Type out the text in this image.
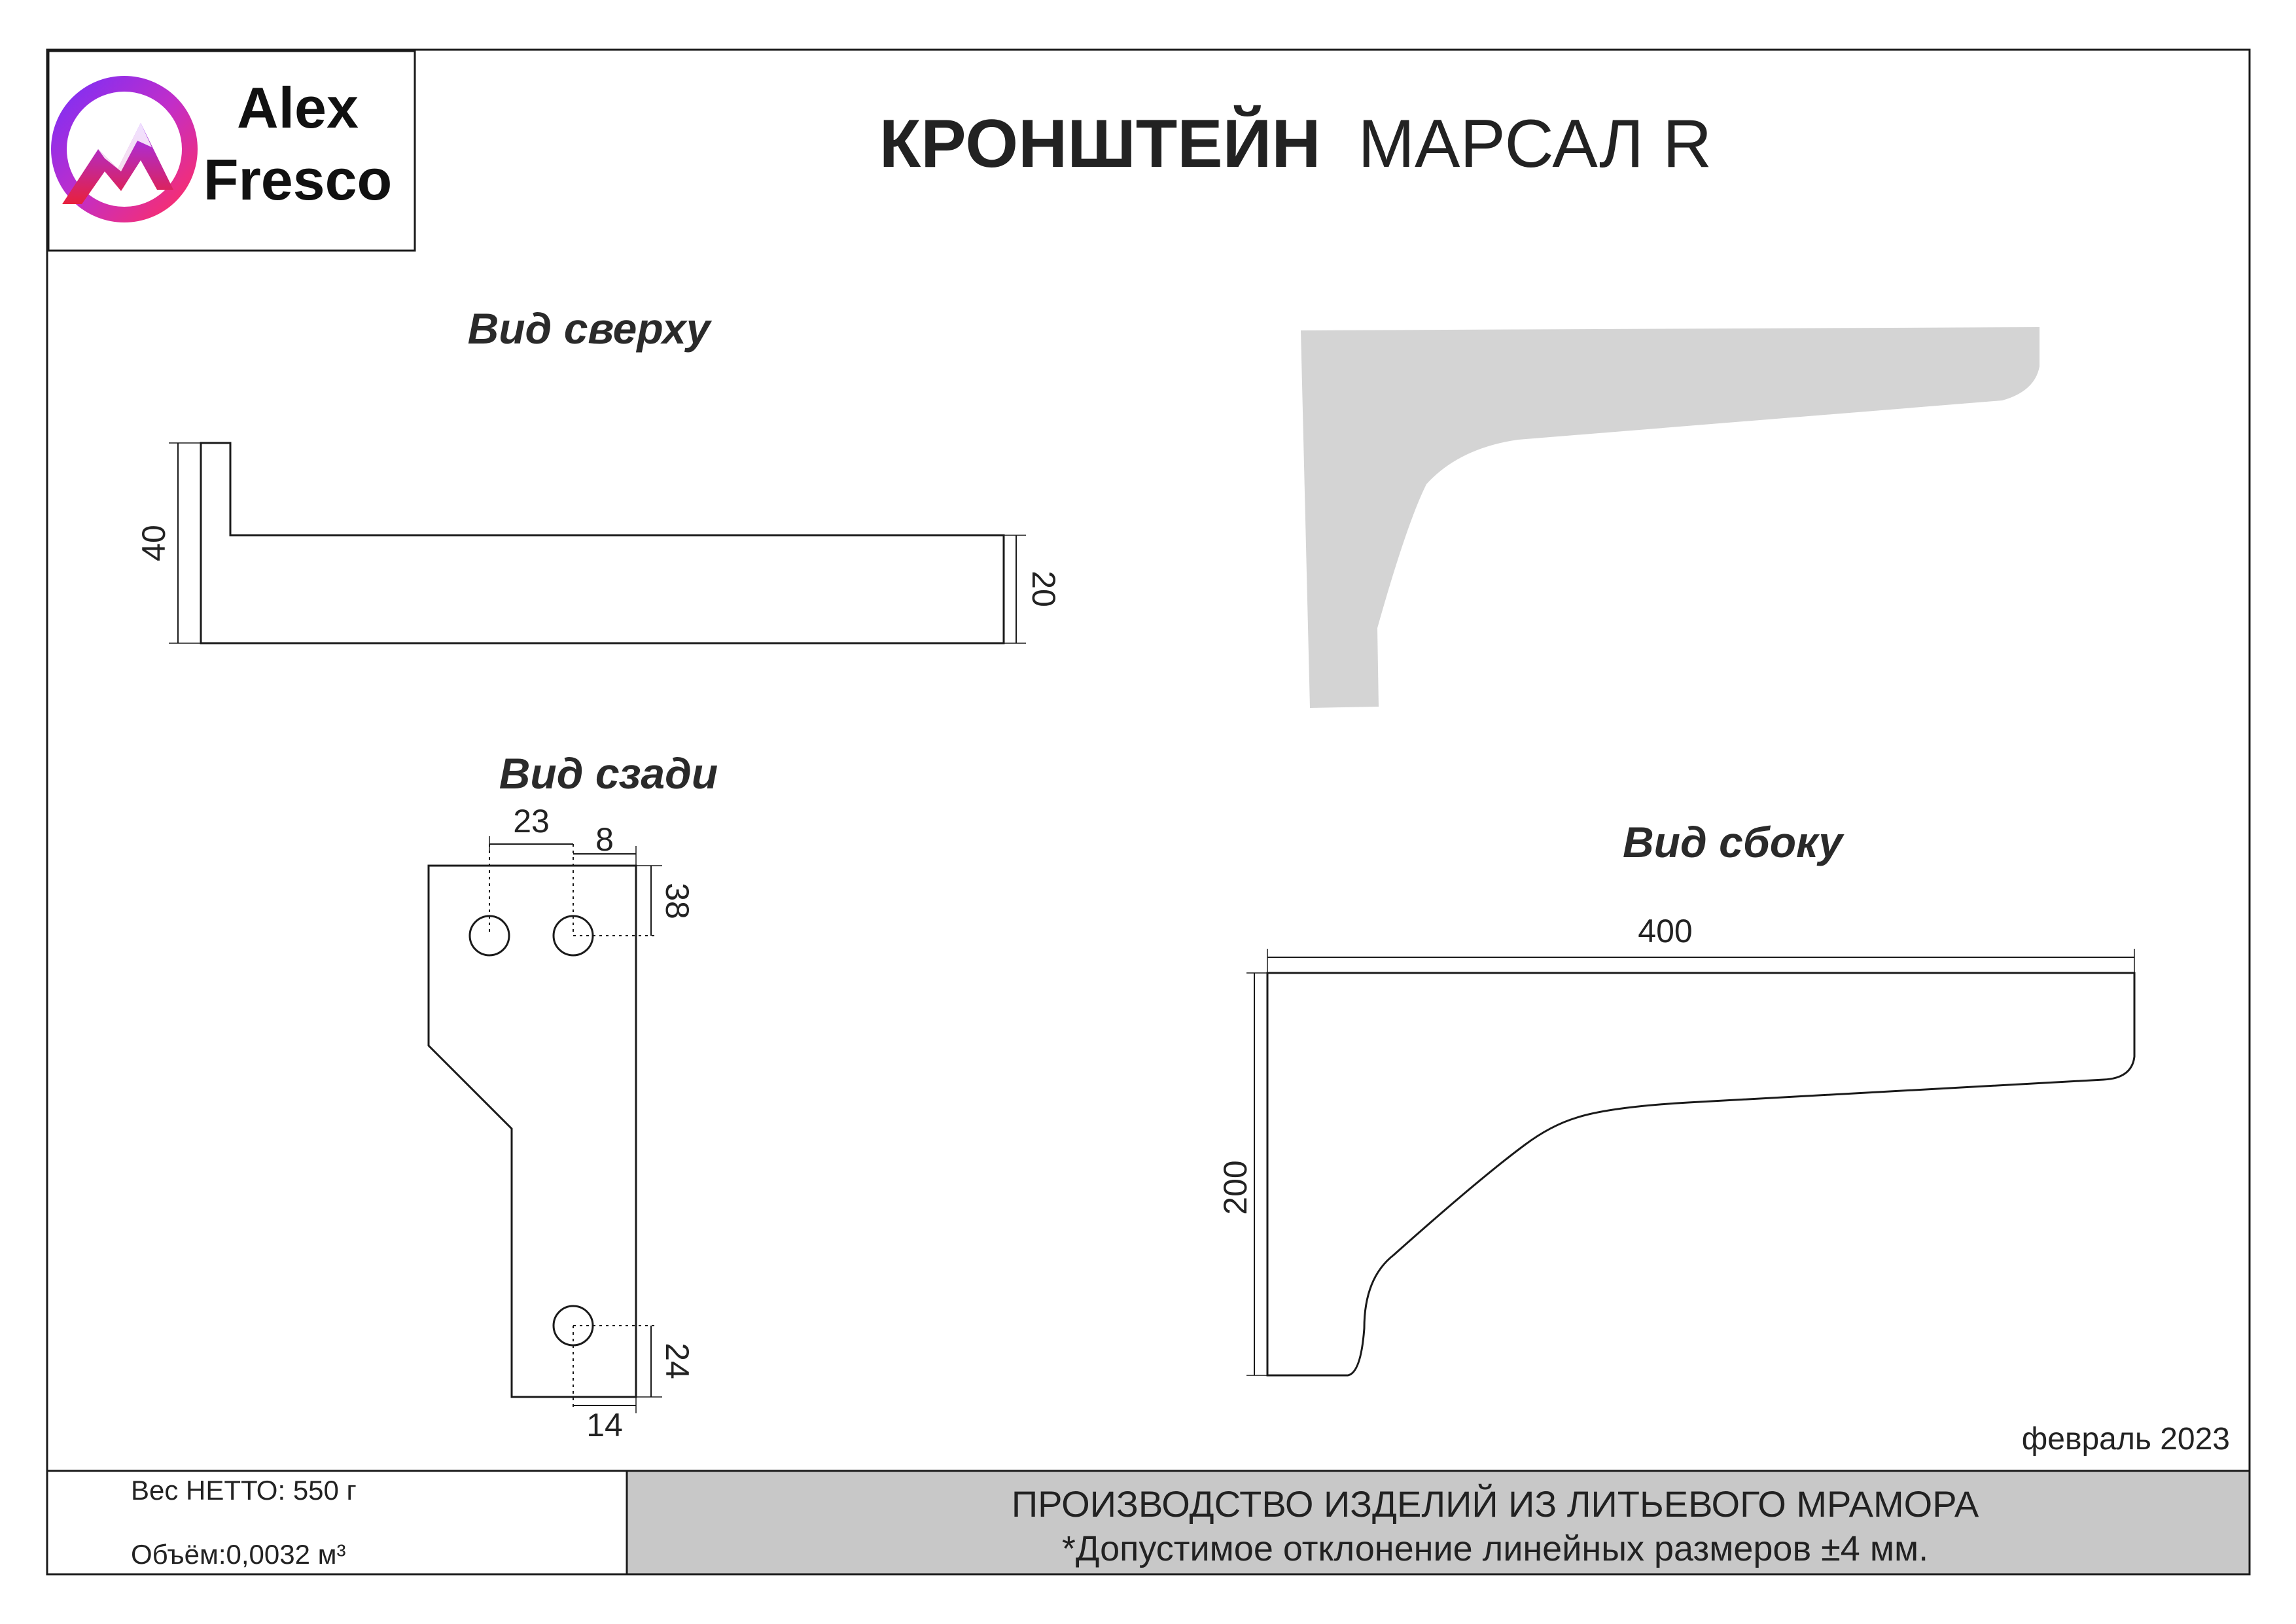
Alex
Fresco	КРОНШТЕЙН МАРСАЛ R
Вид сверху
40
20
Вид сзади
23 8
38
24
14
Вид сбоку
400
200
февраль 2023
Вес НЕТТО: 550 г
Объём:0,0032 м³
ПРОИЗВОДСТВО ИЗДЕЛИЙ ИЗ ЛИТЬЕВОГО МРАМОРА
*Допустимое отклонение линейных размеров ±4 мм.
